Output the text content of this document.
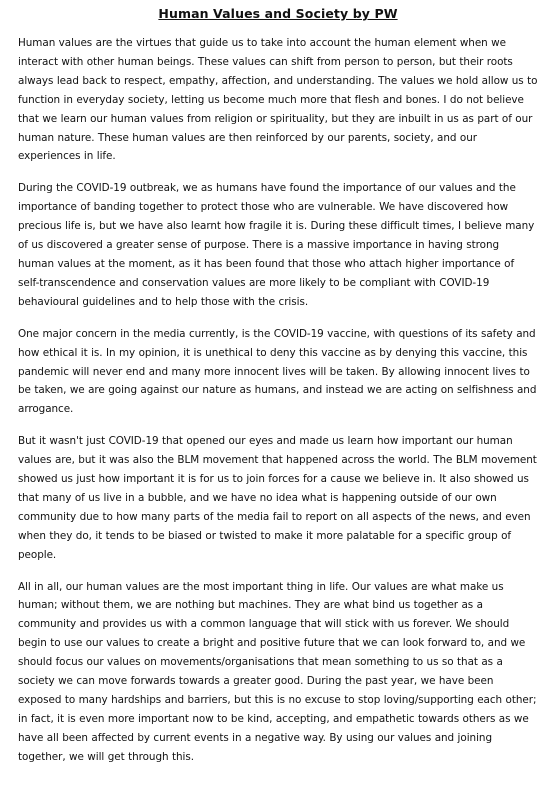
Human Values and Society by PW

Human values are the virtues that guide us to take into account the human element when we interact with other human beings. These values can shift from person to person, but their roots always lead back to respect, empathy, affection, and understanding. The values we hold allow us to function in everyday society, letting us become much more that flesh and bones. I do not believe that we learn our human values from religion or spirituality, but they are inbuilt in us as part of our human nature. These human values are then reinforced by our parents, society, and our experiences in life.

During the COVID-19 outbreak, we as humans have found the importance of our values and the importance of banding together to protect those who are vulnerable. We have discovered how precious life is, but we have also learnt how fragile it is. During these difficult times, I believe many of us discovered a greater sense of purpose. There is a massive importance in having strong human values at the moment, as it has been found that those who attach higher importance of self-transcendence and conservation values are more likely to be compliant with COVID-19 behavioural guidelines and to help those with the crisis.

One major concern in the media currently, is the COVID-19 vaccine, with questions of its safety and how ethical it is. In my opinion, it is unethical to deny this vaccine as by denying this vaccine, this pandemic will never end and many more innocent lives will be taken. By allowing innocent lives to be taken, we are going against our nature as humans, and instead we are acting on selfishness and arrogance.

But it wasn't just COVID-19 that opened our eyes and made us learn how important our human values are, but it was also the BLM movement that happened across the world. The BLM movement showed us just how important it is for us to join forces for a cause we believe in. It also showed us that many of us live in a bubble, and we have no idea what is happening outside of our own community due to how many parts of the media fail to report on all aspects of the news, and even when they do, it tends to be biased or twisted to make it more palatable for a specific group of people.

All in all, our human values are the most important thing in life. Our values are what make us human; without them, we are nothing but machines. They are what bind us together as a community and provides us with a common language that will stick with us forever. We should begin to use our values to create a bright and positive future that we can look forward to, and we should focus our values on movements/organisations that mean something to us so that as a society we can move forwards towards a greater good. During the past year, we have been exposed to many hardships and barriers, but this is no excuse to stop loving/supporting each other; in fact, it is even more important now to be kind, accepting, and empathetic towards others as we have all been affected by current events in a negative way. By using our values and joining together, we will get through this.
